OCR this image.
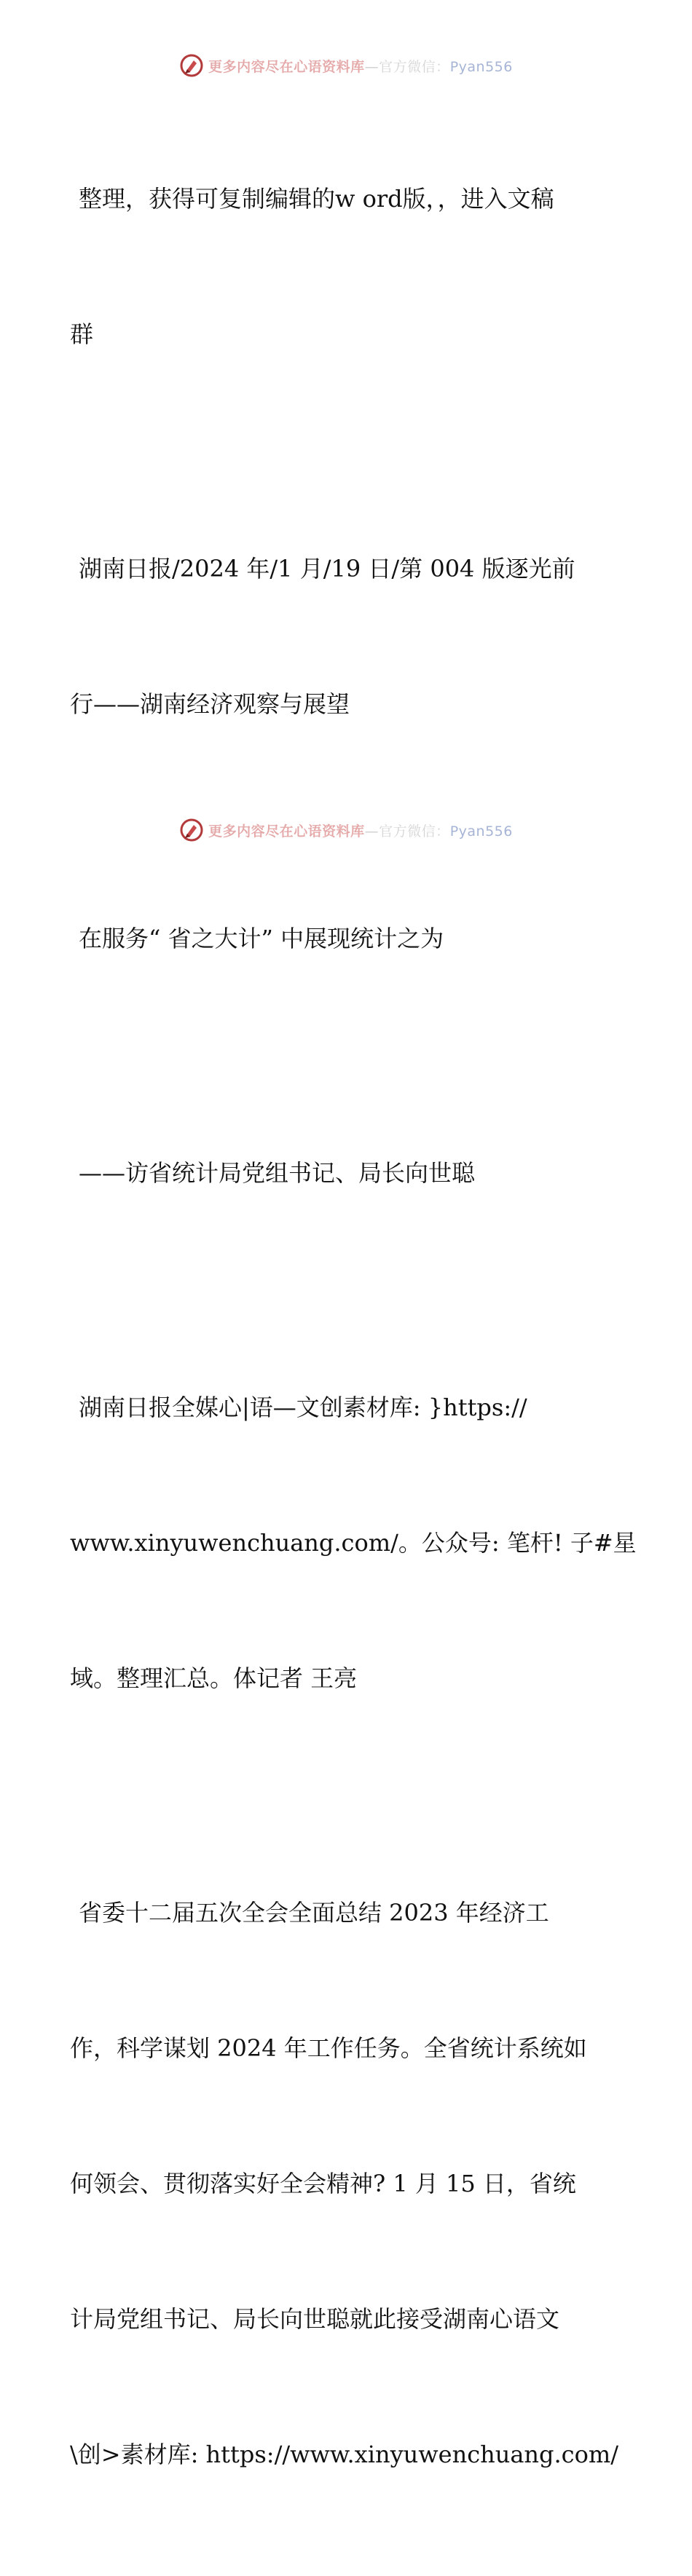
更多内容尽在心语资料库—官方微信：Pyan556

整理，获得可复制编辑的w ord版，，进入文稿

群

湖南日报/2024 年/1 月/19 日/第 004 版逐光前

行——湖南经济观察与展望

在服务“ 省之大计” 中展现统计之为

——访省统计局党组书记、局长向世聪

湖南日报全媒心|语—文创素材库: }https://

www.xinyuwenchuang.com/。公众号: 笔杆! 子#星

域。整理汇总。体记者 王亮

省委十二届五次全会全面总结 2023 年经济工

作，科学谋划 2024 年工作任务。全省统计系统如

何领会、贯彻落实好全会精神? 1 月 15 日，省统

计局党组书记、局长向世聪就此接受湖南心语文

\创>素材库: https://www.xinyuwenchuang.com/

更多内容尽在心语资料库—官方微信：Pyan556
